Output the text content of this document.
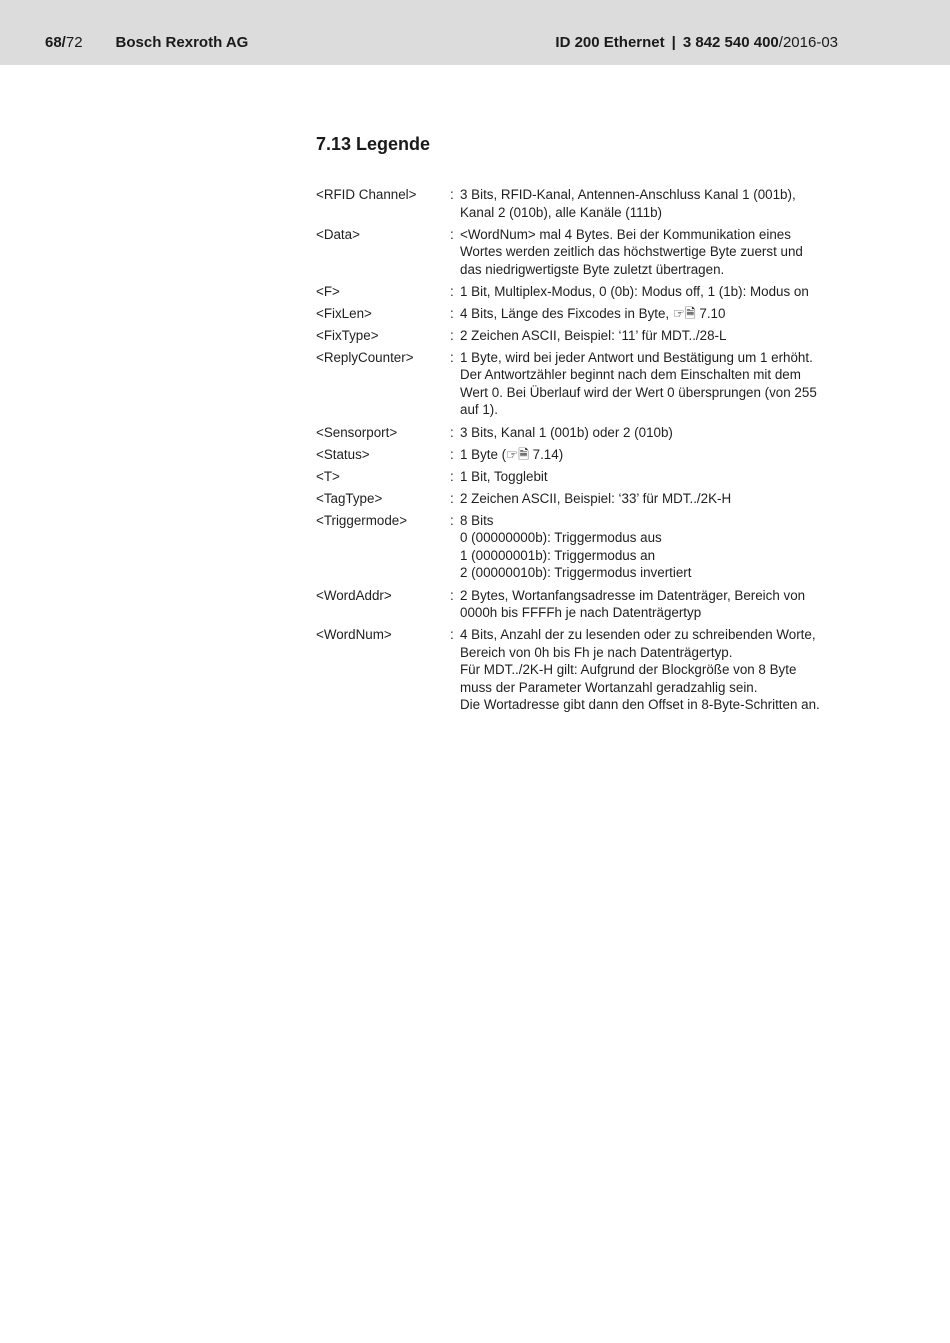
68/72 Bosch Rexroth AG	ID 200 Ethernet | 3 842 540 400/2016-03
7.13 Legende
<RFID Channel>	: 3 Bits, RFID-Kanal, Antennen-Anschluss Kanal 1 (001b),
Kanal 2 (010b), alle Kanäle (111b)
<Data>	: <WordNum> mal 4 Bytes. Bei der Kommunikation eines
Wortes werden zeitlich das höchstwertige Byte zuerst und
das niedrigwertigste Byte zuletzt übertragen.
<F>	: 1 Bit, Multiplex-Modus, 0 (0b): Modus off, 1 (1b): Modus on
<FixLen>	: 4 Bits, Länge des Fixcodes in Byte, ☞🗎 7.10
<FixType>	: 2 Zeichen ASCII, Beispiel: ‘11’ für MDT../28-L
<ReplyCounter>	: 1 Byte, wird bei jeder Antwort und Bestätigung um 1 erhöht.
Der Antwortzähler beginnt nach dem Einschalten mit dem
Wert 0. Bei Überlauf wird der Wert 0 übersprungen (von 255
auf 1).
<Sensorport>	: 3 Bits, Kanal 1 (001b) oder 2 (010b)
<Status>	: 1 Byte (☞🗎 7.14)
<T>	: 1 Bit, Togglebit
<TagType>	: 2 Zeichen ASCII, Beispiel: ‘33’ für MDT../2K-H
<Triggermode>	: 8 Bits
0 (00000000b): Triggermodus aus
1 (00000001b): Triggermodus an
2 (00000010b): Triggermodus invertiert
<WordAddr>	: 2 Bytes, Wortanfangsadresse im Datenträger, Bereich von
0000h bis FFFFh je nach Datenträgertyp
<WordNum>	: 4 Bits, Anzahl der zu lesenden oder zu schreibenden Worte,
Bereich von 0h bis Fh je nach Datenträgertyp.
Für MDT../2K-H gilt: Aufgrund der Blockgröße von 8 Byte
muss der Parameter Wortanzahl geradzahlig sein.
Die Wortadresse gibt dann den Offset in 8-Byte-Schritten an.
